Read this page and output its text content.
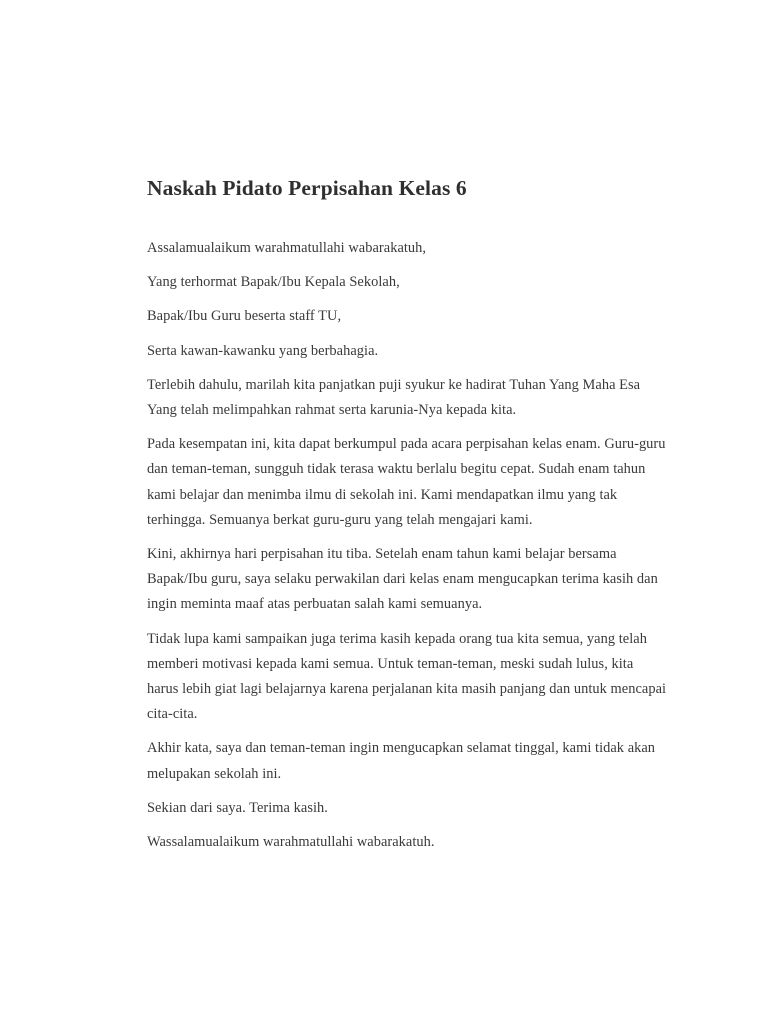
Naskah Pidato Perpisahan Kelas 6

Assalamualaikum warahmatullahi wabarakatuh,

Yang terhormat Bapak/Ibu Kepala Sekolah,

Bapak/Ibu Guru beserta staff TU,

Serta kawan-kawanku yang berbahagia.

Terlebih dahulu, marilah kita panjatkan puji syukur ke hadirat Tuhan Yang Maha Esa Yang telah melimpahkan rahmat serta karunia-Nya kepada kita.

Pada kesempatan ini, kita dapat berkumpul pada acara perpisahan kelas enam. Guru-guru dan teman-teman, sungguh tidak terasa waktu berlalu begitu cepat. Sudah enam tahun kami belajar dan menimba ilmu di sekolah ini. Kami mendapatkan ilmu yang tak terhingga. Semuanya berkat guru-guru yang telah mengajari kami.

Kini, akhirnya hari perpisahan itu tiba. Setelah enam tahun kami belajar bersama Bapak/Ibu guru, saya selaku perwakilan dari kelas enam mengucapkan terima kasih dan ingin meminta maaf atas perbuatan salah kami semuanya.

Tidak lupa kami sampaikan juga terima kasih kepada orang tua kita semua, yang telah memberi motivasi kepada kami semua. Untuk teman-teman, meski sudah lulus, kita harus lebih giat lagi belajarnya karena perjalanan kita masih panjang dan untuk mencapai cita-cita.

Akhir kata, saya dan teman-teman ingin mengucapkan selamat tinggal, kami tidak akan melupakan sekolah ini.

Sekian dari saya. Terima kasih.

Wassalamualaikum warahmatullahi wabarakatuh.
